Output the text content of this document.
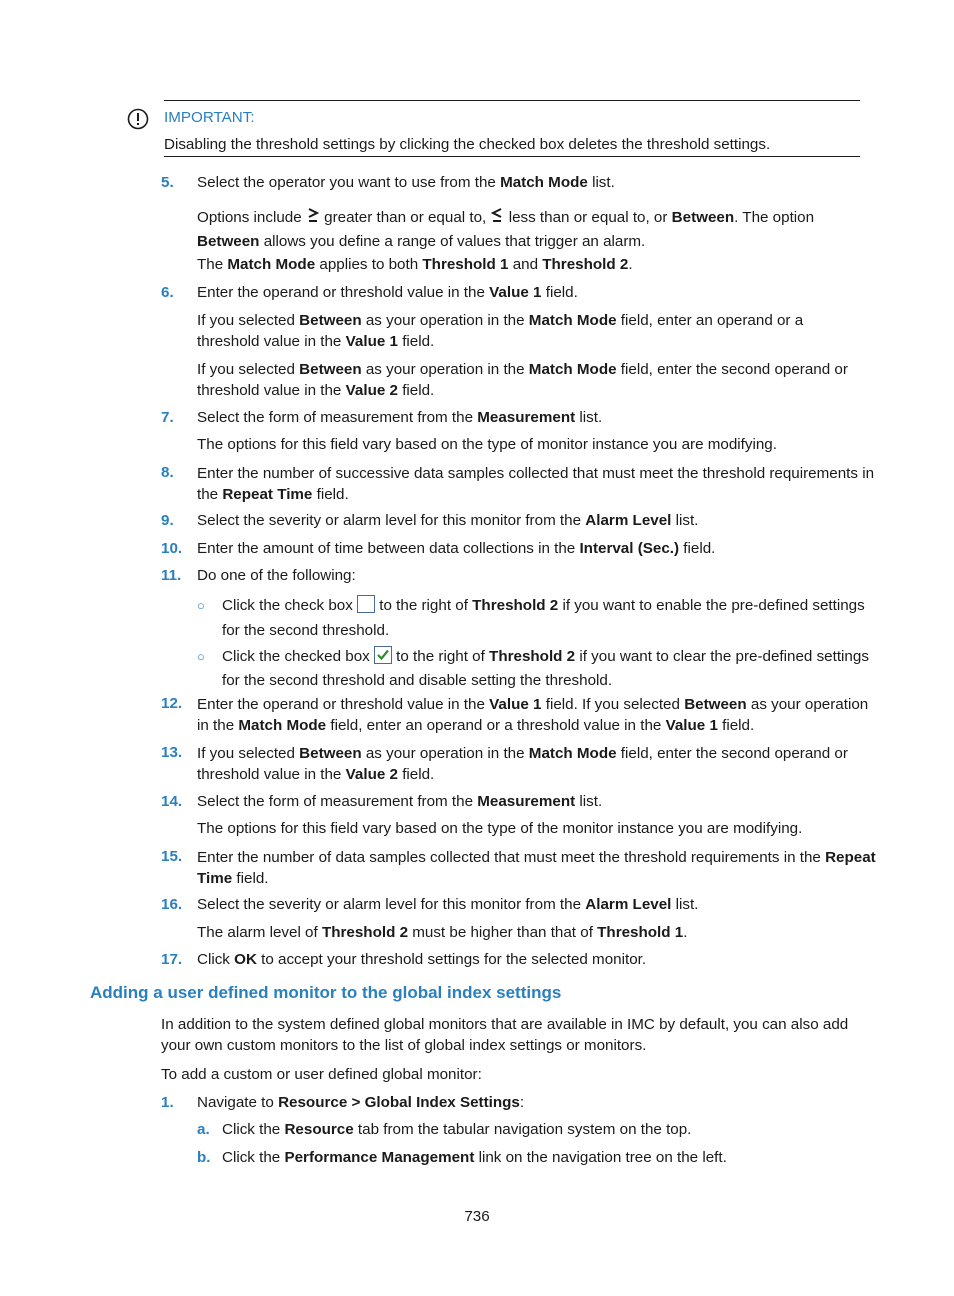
IMPORTANT:
Disabling the threshold settings by clicking the checked box deletes the threshold settings.
5. Select the operator you want to use from the Match Mode list.
Options include  greater than or equal to,  less than or equal to, or Between. The option
Between allows you define a range of values that trigger an alarm.
The Match Mode applies to both Threshold 1 and Threshold 2.
6. Enter the operand or threshold value in the Value 1 field.
If you selected Between as your operation in the Match Mode field, enter an operand or a
threshold value in the Value 1 field.
If you selected Between as your operation in the Match Mode field, enter the second operand or
threshold value in the Value 2 field.
7. Select the form of measurement from the Measurement list.
The options for this field vary based on the type of monitor instance you are modifying.
8. Enter the number of successive data samples collected that must meet the threshold requirements in
the Repeat Time field.
9. Select the severity or alarm level for this monitor from the Alarm Level list.
10. Enter the amount of time between data collections in the Interval (Sec.) field.
11. Do one of the following:
○ Click the check box  to the right of Threshold 2 if you want to enable the pre-defined settings
for the second threshold.
○ Click the checked box  to the right of Threshold 2 if you want to clear the pre-defined settings
for the second threshold and disable setting the threshold.
12. Enter the operand or threshold value in the Value 1 field. If you selected Between as your operation
in the Match Mode field, enter an operand or a threshold value in the Value 1 field.
13. If you selected Between as your operation in the Match Mode field, enter the second operand or
threshold value in the Value 2 field.
14. Select the form of measurement from the Measurement list.
The options for this field vary based on the type of the monitor instance you are modifying.
15. Enter the number of data samples collected that must meet the threshold requirements in the Repeat
Time field.
16. Select the severity or alarm level for this monitor from the Alarm Level list.
The alarm level of Threshold 2 must be higher than that of Threshold 1.
17. Click OK to accept your threshold settings for the selected monitor.
Adding a user defined monitor to the global index settings
In addition to the system defined global monitors that are available in IMC by default, you can also add
your own custom monitors to the list of global index settings or monitors.
To add a custom or user defined global monitor:
1. Navigate to Resource > Global Index Settings:
a. Click the Resource tab from the tabular navigation system on the top.
b. Click the Performance Management link on the navigation tree on the left.
736
